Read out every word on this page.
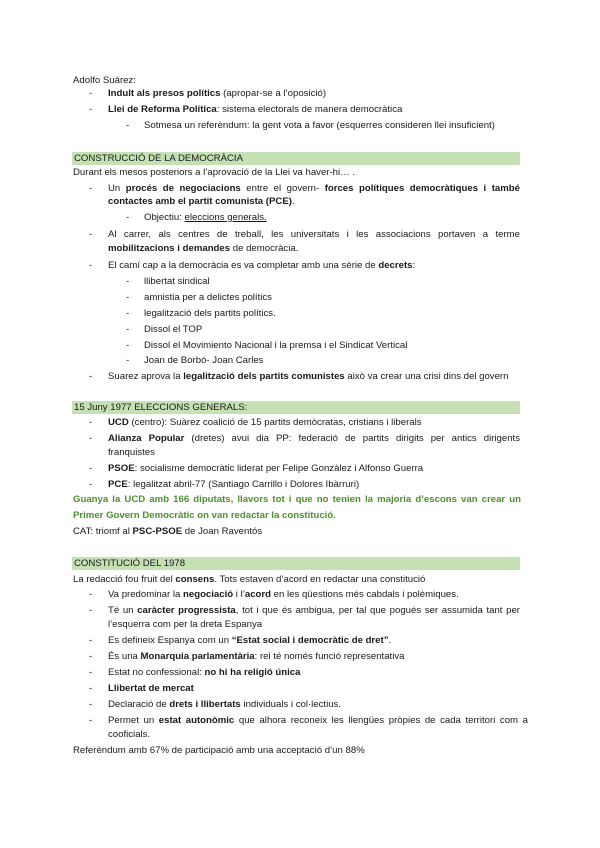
Adolfo Suárez:
- Indult als presos polítics (apropar-se a l’oposició)
- Llei de Reforma Política: sistema electorals de manera democràtica
- Sotmesa un referèndum: la gent vota a favor (esquerres consideren llei insuficient)
CONSTRUCCIÓ DE LA DEMOCRÀCIA
Durant els mesos posteriors a l’aprovació de la Llei va haver-hi… .
- Un procés de negociacions entre el govern- forces polítiques democràtiques i també
contactes amb el partit comunista (PCE).
- Objectiu: eleccions generals.
- Al carrer, als centres de treball, les universitats i les associacions portaven a terme
mobilitzacions i demandes de democràcia.
- El camí cap a la democràcia es va completar amb una sèrie de decrets:
- llibertat sindical
- amnistia per a delictes polítics
- legalització dels partits polítics.
- Dissol el TOP
- Dissol el Movimiento Nacional i la premsa i el Sindicat Vertical
- Joan de Borbó- Joan Carles
- Suarez aprova la legalització dels partits comunistes això va crear una crisi dins del govern
15 Juny 1977 ELECCIONS GENERALS:
- UCD (centro): Suàrez coalició de 15 partits demòcratas, cristians i liberals
- Alianza Popular (dretes) avui dia PP: federació de partits dirigits per antics dirigents
franquistes
- PSOE: socialisme democràtic liderat per Felipe Gonzàlez i Alfonso Guerra
- PCE: legalitzat abril-77 (Santiago Carrillo i Dolores Ibàrruri)
Guanya la UCD amb 166 diputats, llavors tot i que no tenien la majoria d’escons van crear un
Primer Govern Democràtic on van redactar la constitució.
CAT: triomf al PSC-PSOE de Joan Raventós
CONSTITUCIÓ DEL 1978
La redacció fou fruit del consens. Tots estaven d’acord en redactar una constitució
- Va predominar la negociació i l’acord en les qüestions més cabdals i polèmiques.
- Té un caràcter progressista, tot i que és ambigua, per tal que pogués ser assumida tant per
l’esquerra com per la dreta Espanya
- Es defineix Espanya com un “Estat social i democràtic de dret”.
- És una Monarquia parlamentària: rei té només funció representativa
- Estat no confessional: no hi ha religió única
- Llibertat de mercat
- Declaració de drets i llibertats individuals i col·lectius.
- Permet un estat autonòmic que alhora reconeix les llengües pròpies de cada territori com a
cooficials.
Referèndum amb 67% de participació amb una acceptació d’un 88%
